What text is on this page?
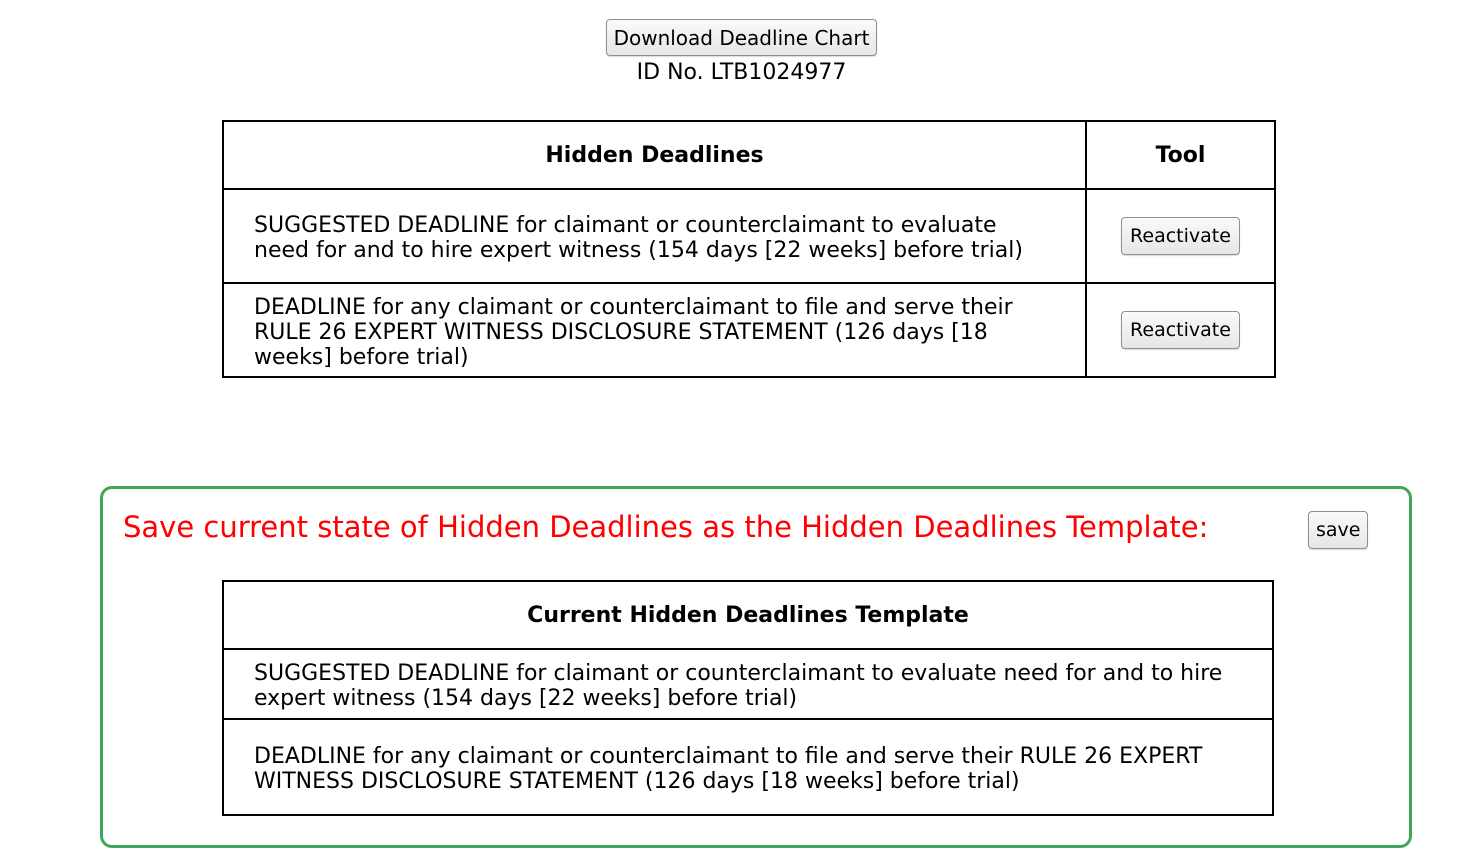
Download Deadline Chart
ID No. LTB1024977
Hidden Deadlines	Tool
SUGGESTED DEADLINE for claimant or counterclaimant to evaluate need for and to hire expert witness (154 days [22 weeks] before trial)	Reactivate
DEADLINE for any claimant or counterclaimant to file and serve their RULE 26 EXPERT WITNESS DISCLOSURE STATEMENT (126 days [18 weeks] before trial)	Reactivate
Save current state of Hidden Deadlines as the Hidden Deadlines Template:	save
Current Hidden Deadlines Template
SUGGESTED DEADLINE for claimant or counterclaimant to evaluate need for and to hire expert witness (154 days [22 weeks] before trial)
DEADLINE for any claimant or counterclaimant to file and serve their RULE 26 EXPERT WITNESS DISCLOSURE STATEMENT (126 days [18 weeks] before trial)
